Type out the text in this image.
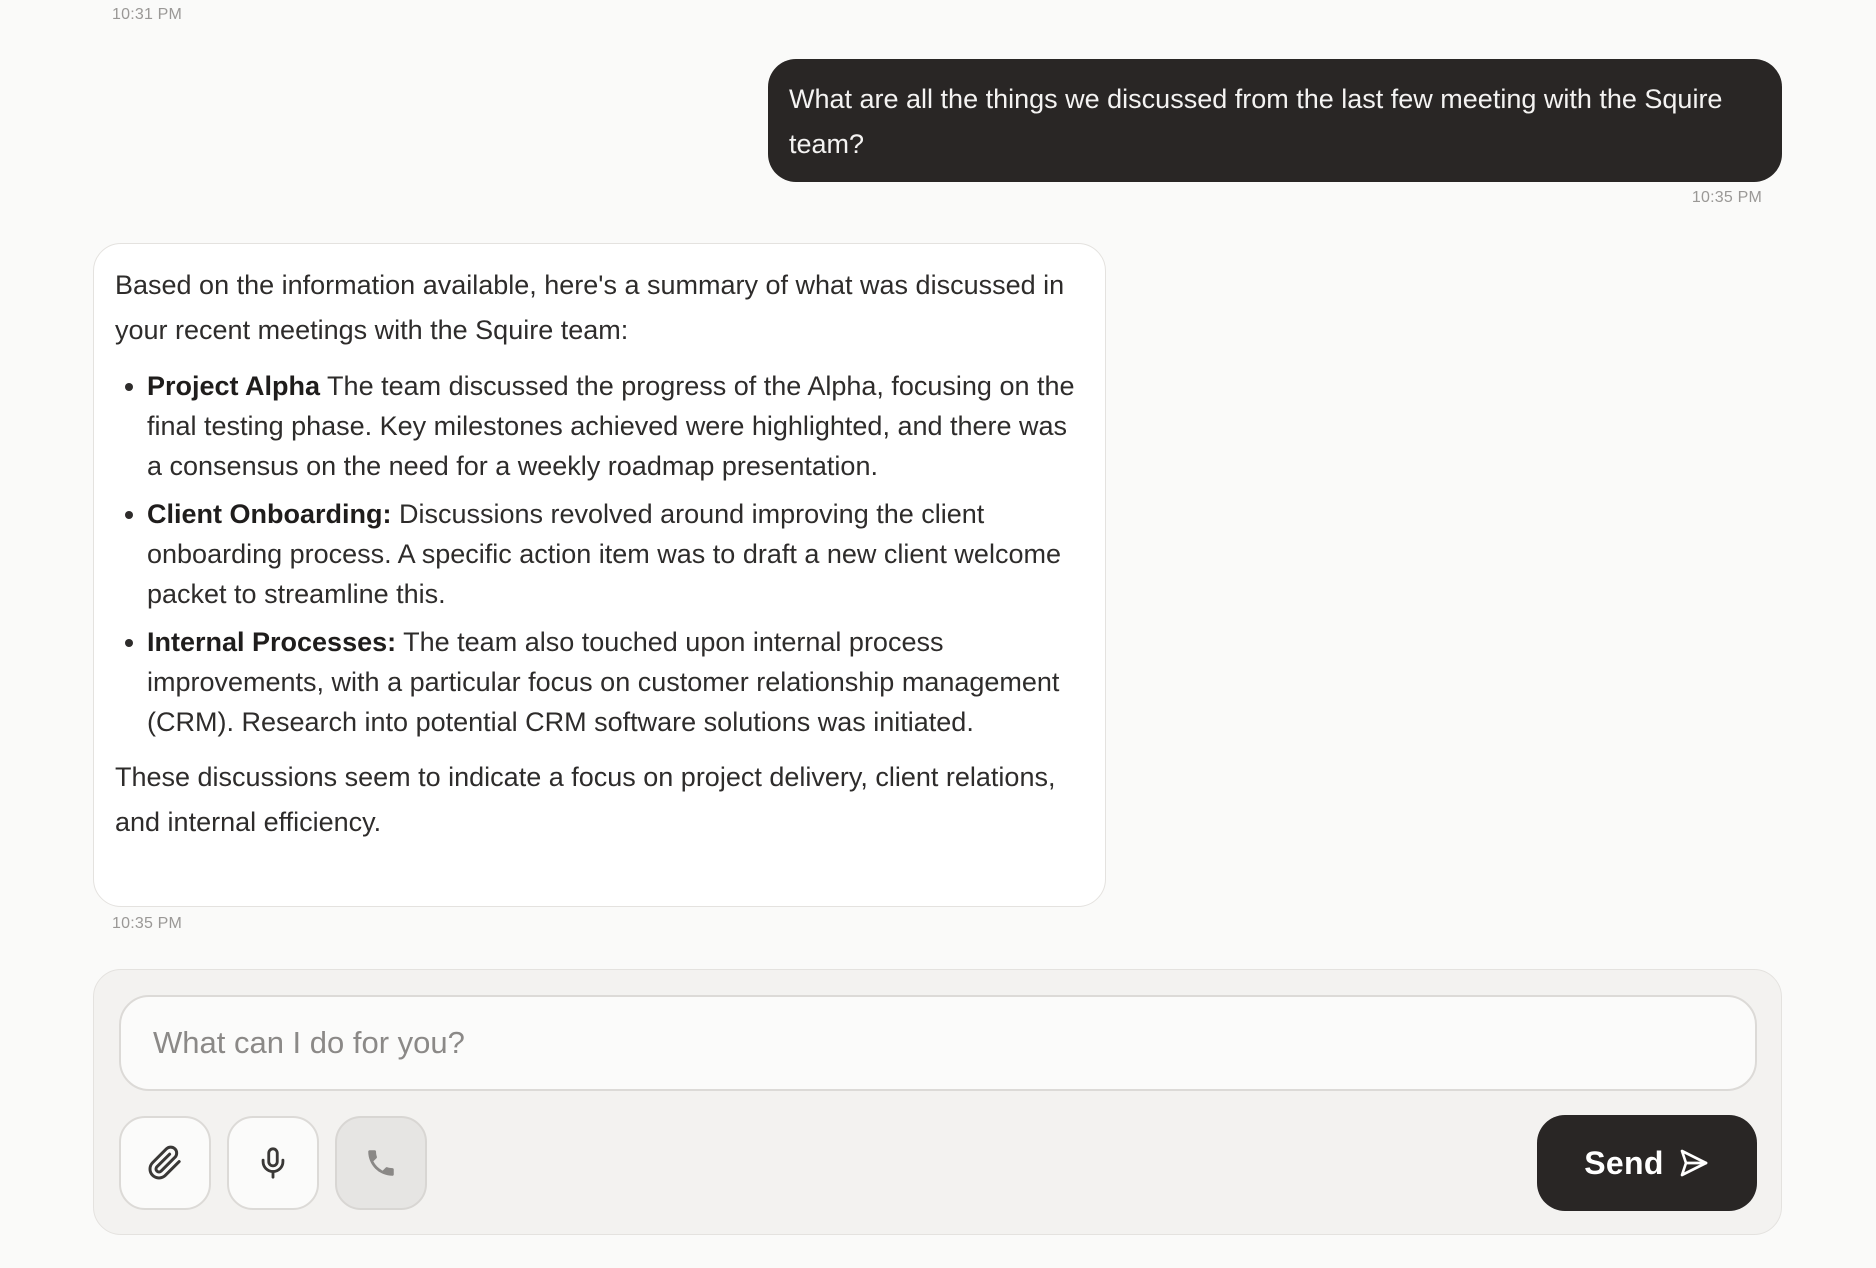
10:31 PM
What are all the things we discussed from the last few meeting with the Squire team?
10:35 PM

Based on the information available, here's a summary of what was discussed in your recent meetings with the Squire team:

Project Alpha The team discussed the progress of the Alpha, focusing on the final testing phase. Key milestones achieved were highlighted, and there was a consensus on the need for a weekly roadmap presentation.
Client Onboarding: Discussions revolved around improving the client onboarding process. A specific action item was to draft a new client welcome packet to streamline this.
Internal Processes: The team also touched upon internal process improvements, with a particular focus on customer relationship management (CRM). Research into potential CRM software solutions was initiated.

These discussions seem to indicate a focus on project delivery, client relations, and internal efficiency.

10:35 PM
What can I do for you?
Send
